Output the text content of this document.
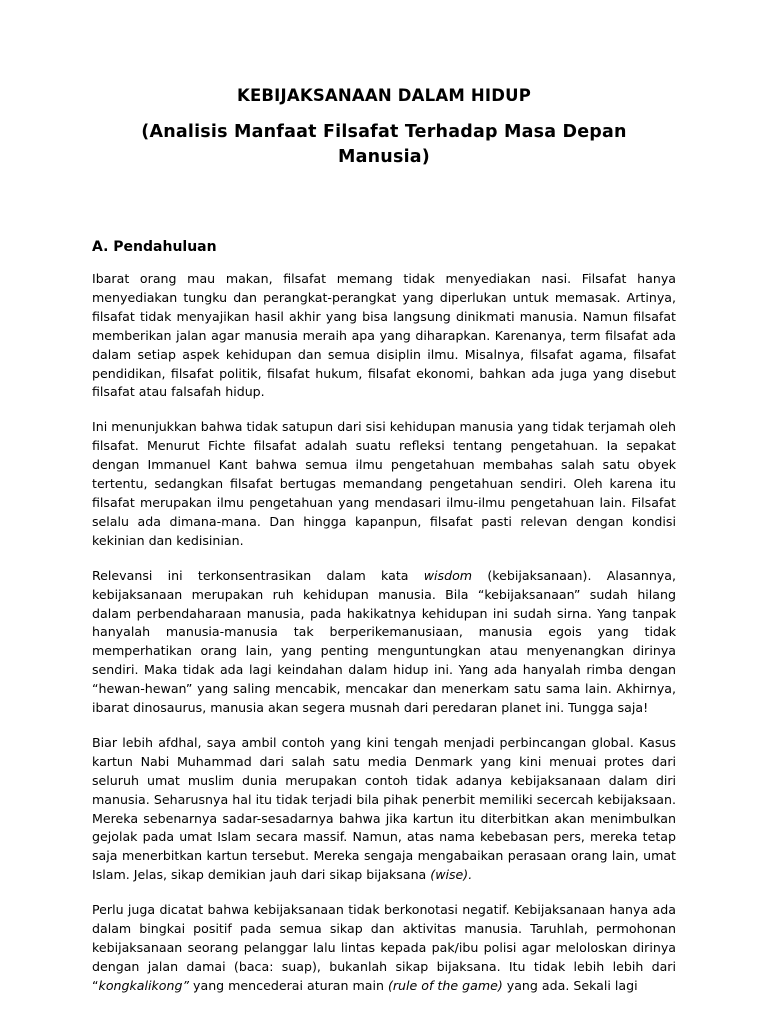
KEBIJAKSANAAN DALAM HIDUP
(Analisis Manfaat Filsafat Terhadap Masa Depan Manusia)
A. Pendahuluan

Ibarat orang mau makan, filsafat memang tidak menyediakan nasi. Filsafat hanya menyediakan tungku dan perangkat-perangkat yang diperlukan untuk memasak. Artinya, filsafat tidak menyajikan hasil akhir yang bisa langsung dinikmati manusia. Namun filsafat memberikan jalan agar manusia meraih apa yang diharapkan. Karenanya, term filsafat ada dalam setiap aspek kehidupan dan semua disiplin ilmu. Misalnya, filsafat agama, filsafat pendidikan, filsafat politik, filsafat hukum, filsafat ekonomi, bahkan ada juga yang disebut filsafat atau falsafah hidup.

Ini menunjukkan bahwa tidak satupun dari sisi kehidupan manusia yang tidak terjamah oleh filsafat. Menurut Fichte filsafat adalah suatu refleksi tentang pengetahuan. Ia sepakat dengan Immanuel Kant bahwa semua ilmu pengetahuan membahas salah satu obyek tertentu, sedangkan filsafat bertugas memandang pengetahuan sendiri. Oleh karena itu filsafat merupakan ilmu pengetahuan yang mendasari ilmu-ilmu pengetahuan lain. Filsafat selalu ada dimana-mana. Dan hingga kapanpun, filsafat pasti relevan dengan kondisi kekinian dan kedisinian.

Relevansi ini terkonsentrasikan dalam kata wisdom (kebijaksanaan). Alasannya, kebijaksanaan merupakan ruh kehidupan manusia. Bila “kebijaksanaan” sudah hilang dalam perbendaharaan manusia, pada hakikatnya kehidupan ini sudah sirna. Yang tanpak hanyalah manusia-manusia tak berperikemanusiaan, manusia egois yang tidak memperhatikan orang lain, yang penting menguntungkan atau menyenangkan dirinya sendiri. Maka tidak ada lagi keindahan dalam hidup ini. Yang ada hanyalah rimba dengan “hewan-hewan” yang saling mencabik, mencakar dan menerkam satu sama lain. Akhirnya, ibarat dinosaurus, manusia akan segera musnah dari peredaran planet ini. Tungga saja!

Biar lebih afdhal, saya ambil contoh yang kini tengah menjadi perbincangan global. Kasus kartun Nabi Muhammad dari salah satu media Denmark yang kini menuai protes dari seluruh umat muslim dunia merupakan contoh tidak adanya kebijaksanaan dalam diri manusia. Seharusnya hal itu tidak terjadi bila pihak penerbit memiliki secercah kebijaksaan. Mereka sebenarnya sadar-sesadarnya bahwa jika kartun itu diterbitkan akan menimbulkan gejolak pada umat Islam secara massif. Namun, atas nama kebebasan pers, mereka tetap saja menerbitkan kartun tersebut. Mereka sengaja mengabaikan perasaan orang lain, umat Islam. Jelas, sikap demikian jauh dari sikap bijaksana (wise).

Perlu juga dicatat bahwa kebijaksanaan tidak berkonotasi negatif. Kebijaksanaan hanya ada dalam bingkai positif pada semua sikap dan aktivitas manusia. Taruhlah, permohonan kebijaksanaan seorang pelanggar lalu lintas kepada pak/ibu polisi agar meloloskan dirinya dengan jalan damai (baca: suap), bukanlah sikap bijaksana. Itu tidak lebih lebih dari “kongkalikong” yang mencederai aturan main (rule of the game) yang ada. Sekali lagi
